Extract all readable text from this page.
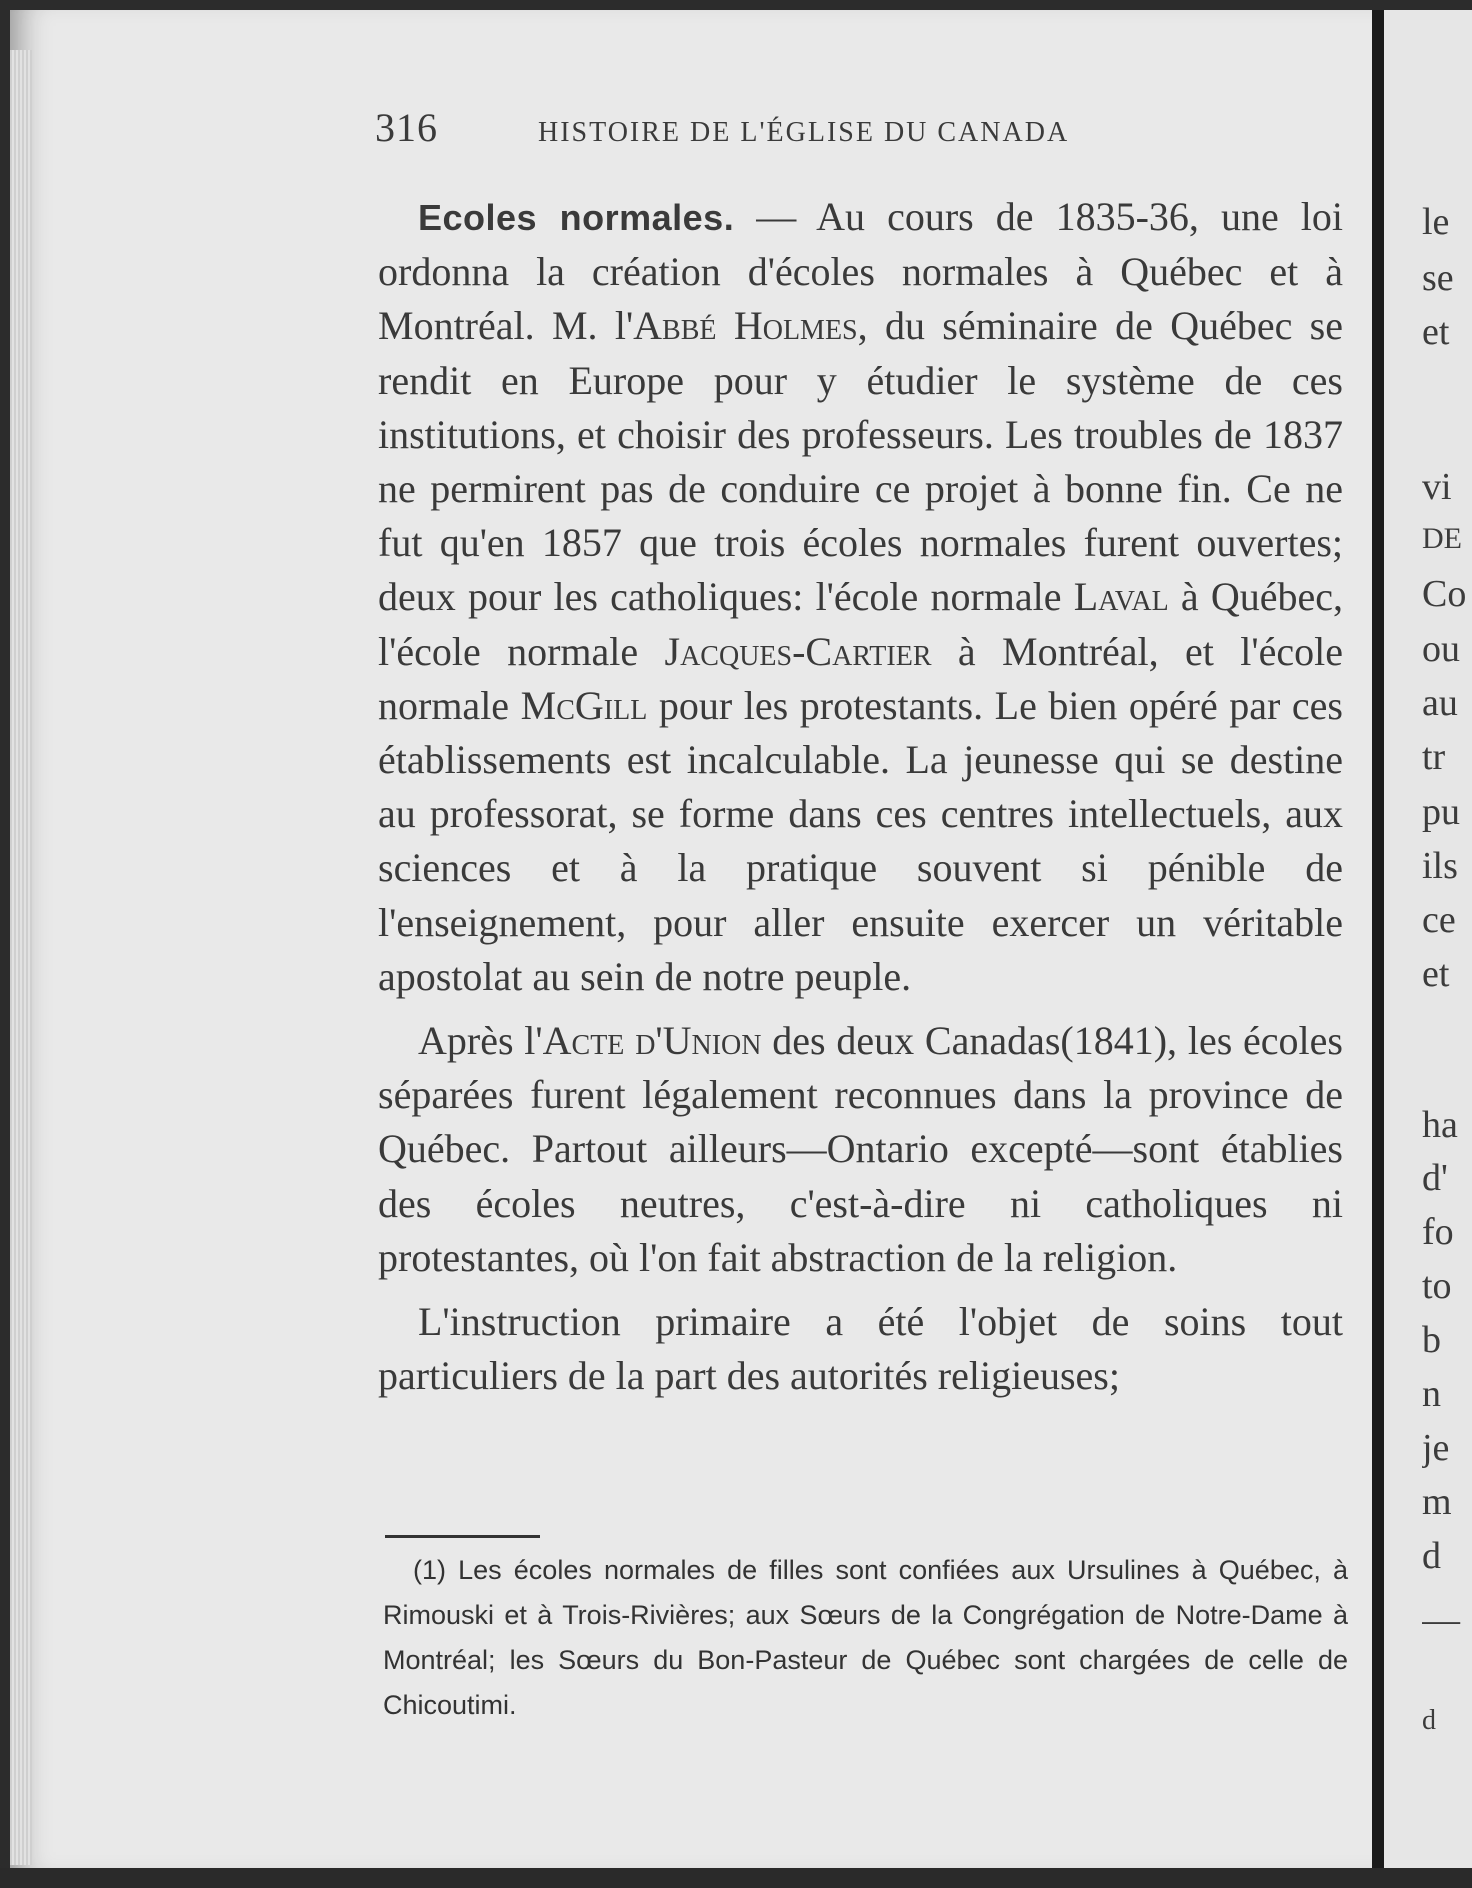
316	HISTOIRE DE L'ÉGLISE DU CANADA

Ecoles normales. — Au cours de 1835-36, une loi ordonna la création d'écoles normales à Québec et à Montréal. M. l'Abbé Holmes, du séminaire de Québec se rendit en Europe pour y étudier le système de ces institutions, et choisir des professeurs. Les troubles de 1837 ne permirent pas de conduire ce projet à bonne fin. Ce ne fut qu'en 1857 que trois écoles normales furent ouvertes; deux pour les catholiques: l'école normale Laval à Québec, l'école normale Jacques-Cartier à Montréal, et l'école normale McGill pour les protestants. Le bien opéré par ces établissements est incalculable. La jeunesse qui se destine au professorat, se forme dans ces centres intellectuels, aux sciences et à la pratique souvent si pénible de l'enseignement, pour aller ensuite exercer un véritable apostolat au sein de notre peuple.

Après l'Acte d'Union des deux Canadas(1841), les écoles séparées furent légalement reconnues dans la province de Québec. Partout ailleurs—Ontario excepté—sont établies des écoles neutres, c'est-à-dire ni catholiques ni protestantes, où l'on fait abstraction de la religion.

L'instruction primaire a été l'objet de soins tout particuliers de la part des autorités religieuses;

(1) Les écoles normales de filles sont confiées aux Ursulines à Québec, à Rimouski et à Trois-Rivières; aux Sœurs de la Congrégation de Notre-Dame à Montréal; les Sœurs du Bon-Pasteur de Québec sont chargées de celle de Chicoutimi.

le
se
et
vi
DE
Co
ou
au
tr
pu
ils
ce
et
ha
d'
fo
to
b
n
je
m
d
—
d
